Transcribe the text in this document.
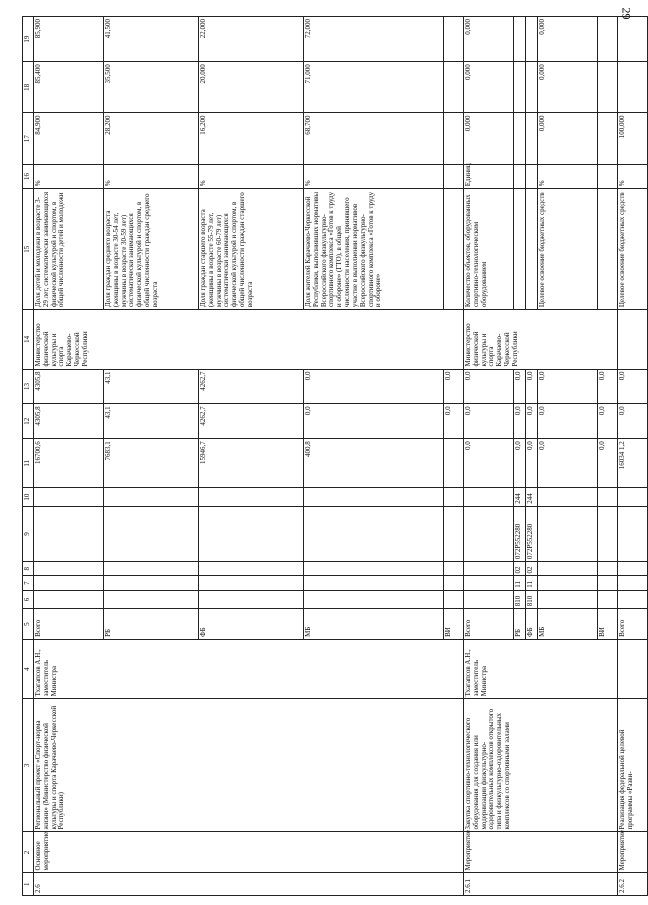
29
1	2	3	4	5	6	7	8	9	10	11	12	13	14	15	16	17	18	19
2.6	Основное мероприятие	Региональный проект «Спорт-норма жизни» (Министерство физической культуры и спорта Карачаево-Черкесской Республики)	Тхагапсов А.Н., заместитель Министра	Всего						16700,6	4305,8	4305,8	Министерство физической культуры и спорта Карачаево-Черкесской Республики	Доля детей и молодежи в возрасте 3-29 лет, систематически занимающихся физической культурой и спортом, в общей численности детей и молодежи	%	84,900	85,400	85,900
				РБ						7683,1	43,1	43,1		Доля граждан среднего возраста (женщины в возрасте 30-54 лет, мужчины в возрасте 30-59 лет) систематически занимающихся физической культурой и спортом, в общей численности граждан среднего возраста	%	28,200	35,500	41,500
				ФБ						15946,7	4262,7	4262,7		Доля граждан старшего возраста (женщины в возрасте 55-79 лет, мужчины в возрасте 60-79 лет) систематически занимающихся физической культурой и спортом, в общей численности граждан старшего возраста	%	16,200	20,000	22,000
				МБ						400,8	0,0	0,0		Доля жителей Карачаево-Черкесской Республики, выполнивших нормативы Всероссийского физкультурно-спортивного комплекса «Готов к труду и обороне» (ГТО), в общей численности населения, принявшего участие в выполнении нормативов Всероссийского физкультурно-спортивного комплекса «Готов к труду и обороне»	%	68,700	71,000	72,000
				ВИ							0,0	0,0						
2.6.1	Мероприятие	Закупка спортивно-технологического оборудования для создания или модернизации физкультурно-оздоровительных комплексов открытого типа и физкультурно-оздоровительных комплексов со спортивными залами	Тхагапсов А.Н., заместитель Министра	Всего						0,0	0,0	0,0	Министерство физической культуры и спорта Карачаево-Черкесской Республики	Количество объектов, оборудованных спортивно-технологическим оборудованием	Единиц	0,000	0,000	0,000
				РБ	810	11	02	072P552280	244	0,0	0,0	0,0						
				ФБ	810	11	02	072P552280	244	0,0	0,0	0,0						
				МБ						0,0	0,0	0,0		Целевое освоение бюджетных средств	%	0,000	0,000	0,000
				ВИ						0,0	0,0	0,0						
2.6.2	Мероприятие	Реализация федеральной целевой программы «Разви-		Всего						16034 1,2	0,0	0,0		Целевое освоение бюджетных средств	%	100,000		
